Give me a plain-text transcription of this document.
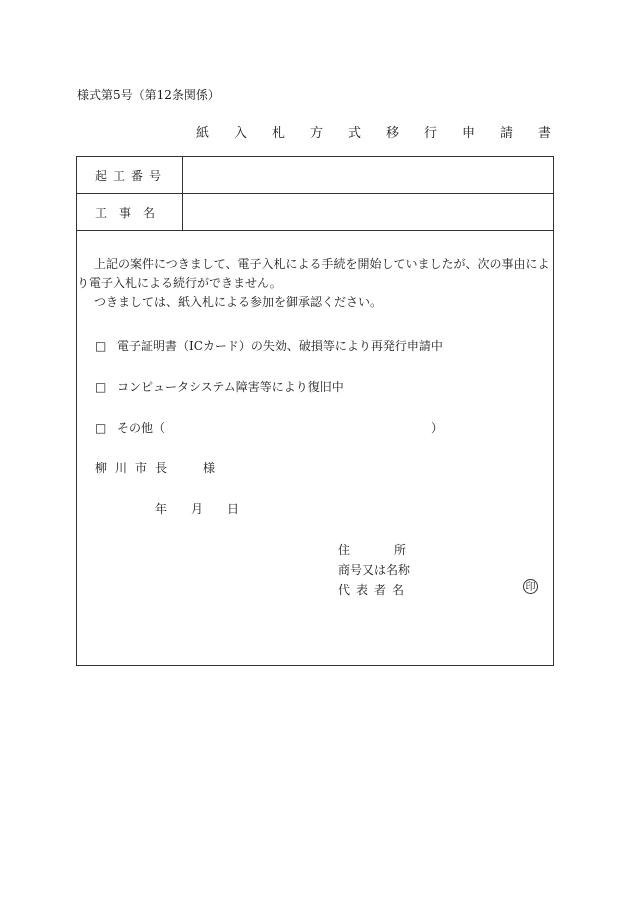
様式第5号（第12条関係）
紙　入　札　方　式　移　行　申　請　書
起工番号
工　事　名

上記の案件につきまして、電子入札による手続を開始していましたが、次の事由により電子入札による続行ができません。

つきましては、紙入札による参加を御承認ください。

□ 電子証明書（ICカード）の失効、破損等により再発行申請中
□ コンピュータシステム障害等により復旧中
□ その他（	）
柳川市長 様
年 月 日
住	所
商号又は名称
代表者名	印
